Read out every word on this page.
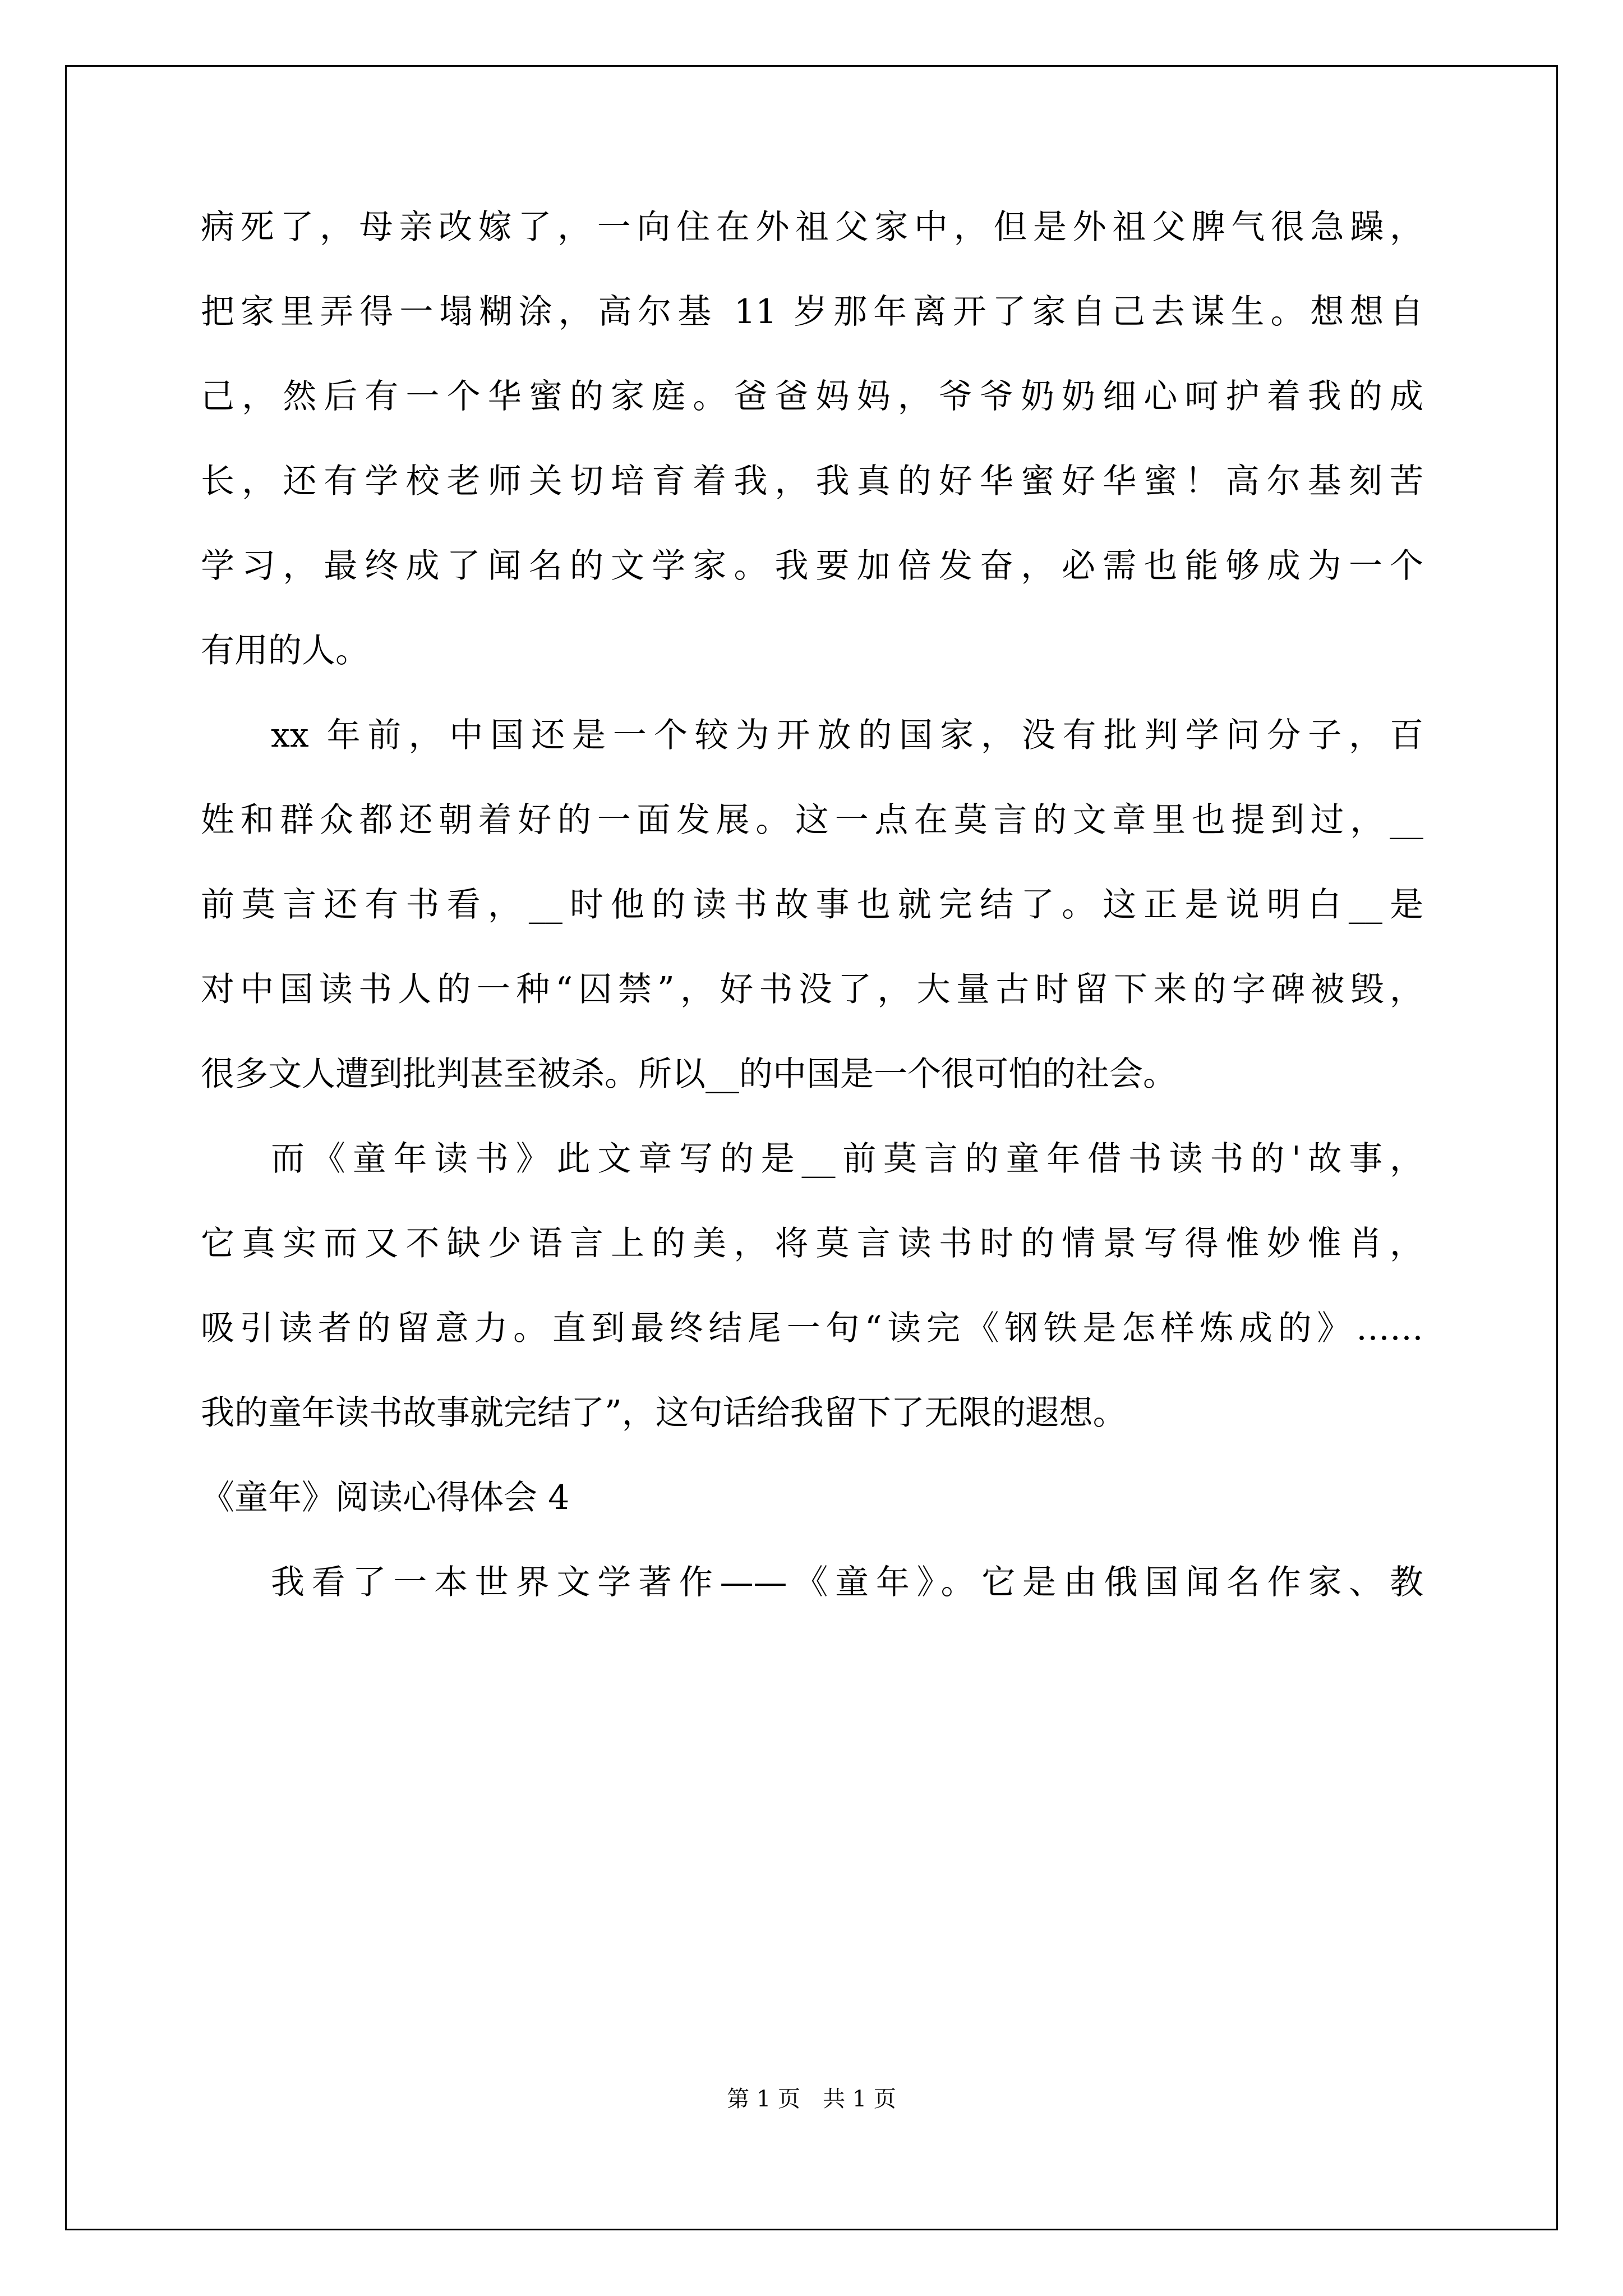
病死了，母亲改嫁了，一向住在外祖父家中，但是外祖父脾气很急躁，
把家里弄得一塌糊涂，高尔基 11 岁那年离开了家自己去谋生。想想自
己，然后有一个华蜜的家庭。爸爸妈妈，爷爷奶奶细心呵护着我的成
长，还有学校老师关切培育着我，我真的好华蜜好华蜜！高尔基刻苦
学习，最终成了闻名的文学家。我要加倍发奋，必需也能够成为一个
有用的人。
xx 年前，中国还是一个较为开放的国家，没有批判学问分子，百
姓和群众都还朝着好的一面发展。这一点在莫言的文章里也提到过，__
前莫言还有书看，__时他的读书故事也就完结了。这正是说明白__是
对中国读书人的一种“囚禁”，好书没了，大量古时留下来的字碑被毁，
很多文人遭到批判甚至被杀。所以__的中国是一个很可怕的社会。
而《童年读书》此文章写的是__前莫言的童年借书读书的'故事，
它真实而又不缺少语言上的美，将莫言读书时的情景写得惟妙惟肖，
吸引读者的留意力。直到最终结尾一句“读完《钢铁是怎样炼成的》……
我的童年读书故事就完结了”，这句话给我留下了无限的遐想。
《童年》阅读心得体会 4
我看了一本世界文学著作——《童年》。它是由俄国闻名作家、教
第 1 页　共 1 页
